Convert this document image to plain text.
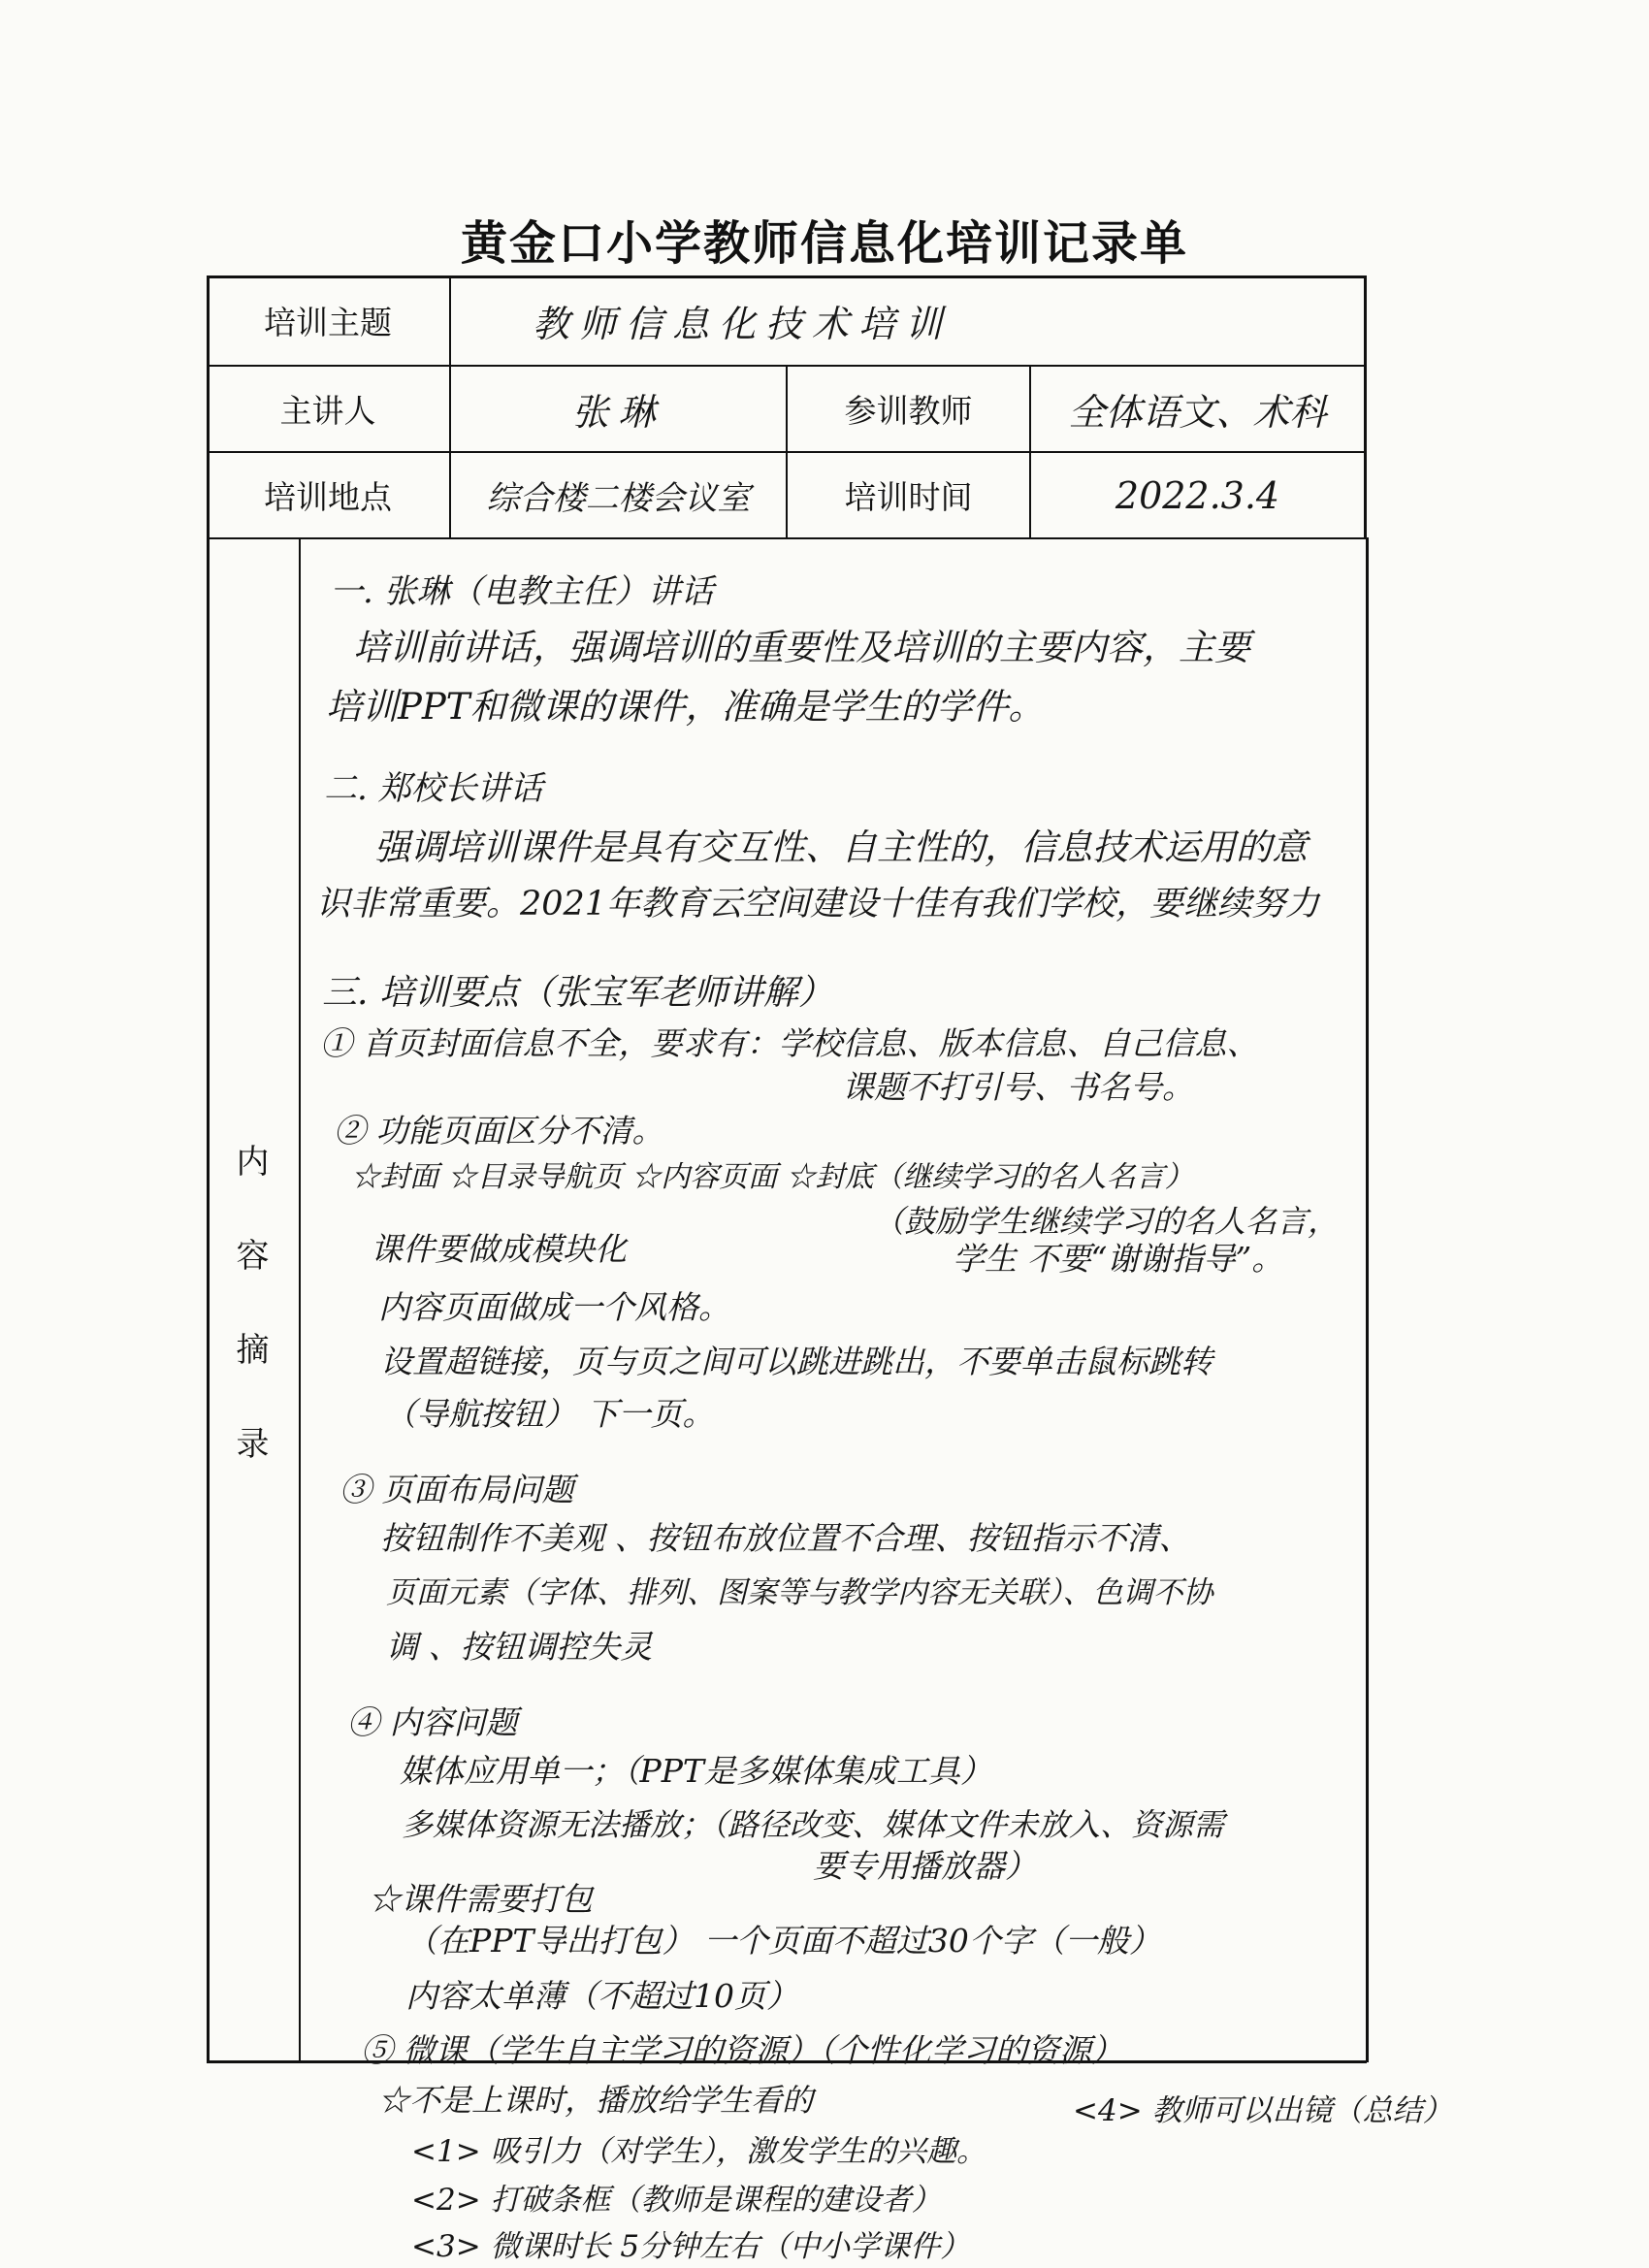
黄金口小学教师信息化培训记录单
培训主题	教师信息化技术培训
主讲人	张琳	参训教师	全体语文、术科
培训地点	综合楼二楼会议室	培训时间	2022.3.4
内
容
摘
录
一. 张琳（电教主任）讲话
培训前讲话，强调培训的重要性及培训的主要内容，主要
培训PPT和微课的课件，准确是学生的学件。
二. 郑校长讲话
强调培训课件是具有交互性、自主性的，信息技术运用的意
识非常重要。2021年教育云空间建设十佳有我们学校，要继续努力
三. 培训要点（张宝军老师讲解）
① 首页封面信息不全，要求有：学校信息、版本信息、自己信息、
课题不打引号、书名号。
② 功能页面区分不清。
☆封面 ☆目录导航页 ☆内容页面 ☆封底（继续学习的名人名言）
（鼓励学生继续学习的名人名言，
课件要做成模块化	学生 不要“谢谢指导”。
内容页面做成一个风格。
设置超链接，页与页之间可以跳进跳出，不要单击鼠标跳转
（导航按钮） 下一页。
③ 页面布局问题
按钮制作不美观 、按钮布放位置不合理、按钮指示不清、
页面元素（字体、排列、图案等与教学内容无关联）、色调不协
调 、按钮调控失灵
④ 内容问题
媒体应用单一；（PPT是多媒体集成工具）
多媒体资源无法播放；（路径改变、媒体文件未放入、资源需
要专用播放器）
☆课件需要打包
（在PPT导出打包） 一个页面不超过30个字（一般）
内容太单薄（不超过10页）
⑤ 微课（学生自主学习的资源）（个性化学习的资源）
☆不是上课时，播放给学生看的
<1> 吸引力（对学生），激发学生的兴趣。
<4> 教师可以出镜（总结）
<2> 打破条框（教师是课程的建设者）
<3> 微课时长 5分钟左右（中小学课件）
